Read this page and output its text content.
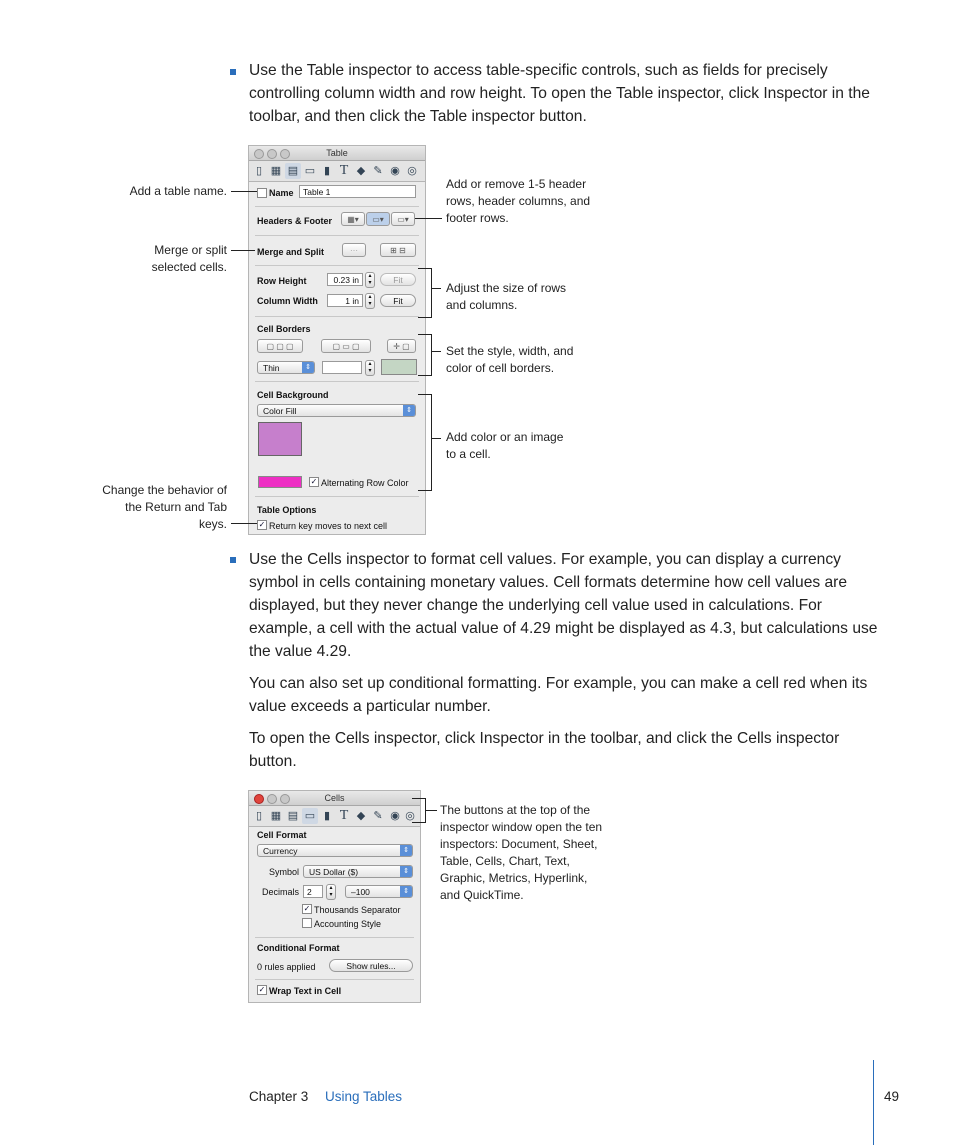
Use the Table inspector to access table-specific controls, such as fields for precisely controlling column width and row height. To open the Table inspector, click Inspector in the toolbar, and then click the Table inspector button.
Table
▯ ▦ ▤ ▭ ▮ T ◆ ✎ ◉ ◎
Name	Table 1
Headers & Footer	▦▾	▭▾	▭▾
Merge and Split	⋯	⊞ ⊟
Row Height	0.23 in	▴
▾	Fit
Column Width	1 in	▴
▾	Fit
Cell Borders
▢ ▢ ▢	▢ ▭ ▢	✛ ▢
Thin	⇕	▴
▾
Cell Background
Color Fill	⇕
✓ Alternating Row Color
Table Options
✓ Return key moves to next cell
Add a table name.
Merge or split selected cells.
Change the behavior of the Return and Tab keys.
Add or remove 1-5 header rows, header columns, and footer rows.
Adjust the size of rows and columns.
Set the style, width, and color of cell borders.
Add color or an image to a cell.
Use the Cells inspector to format cell values. For example, you can display a currency symbol in cells containing monetary values. Cell formats determine how cell values are displayed, but they never change the underlying cell value used in calculations. For example, a cell with the actual value of 4.29 might be displayed as 4.3, but calculations use the value 4.29.
You can also set up conditional formatting. For example, you can make a cell red when its value exceeds a particular number.
To open the Cells inspector, click Inspector in the toolbar, and click the Cells inspector button.
Cells
▯ ▦ ▤ ▭ ▮ T ◆ ✎ ◉ ◎
Cell Format
Currency	⇕
Symbol	US Dollar ($)	⇕
Decimals 2	▴
▾	–100	⇕
✓ Thousands Separator
Accounting Style
Conditional Format
0 rules applied	Show rules...
✓ Wrap Text in Cell
The buttons at the top of the inspector window open the ten inspectors: Document, Sheet, Table, Cells, Chart, Text, Graphic, Metrics, Hyperlink, and QuickTime.
Chapter 3 Using Tables	49
